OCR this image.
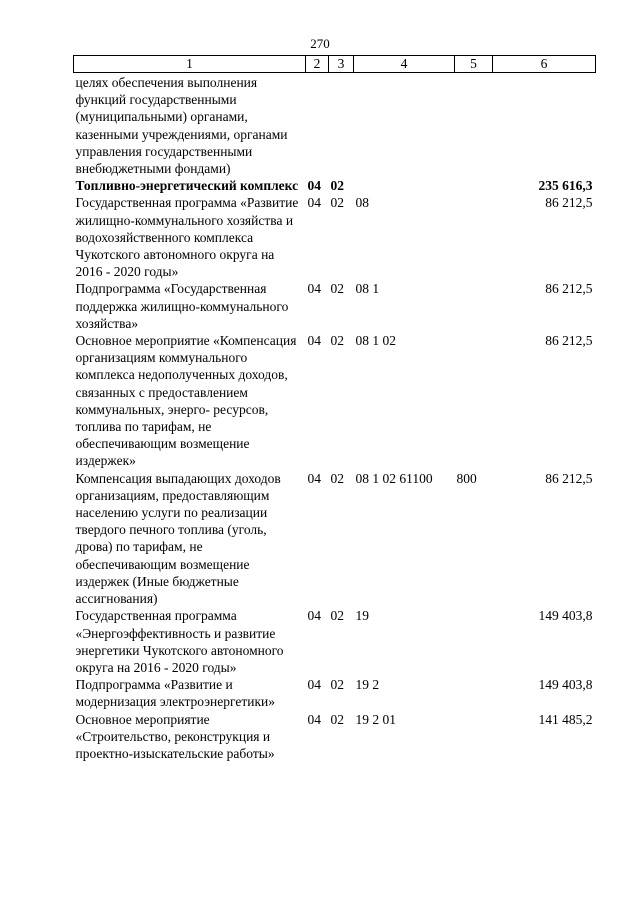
270
1	2	3	4	5	6
целях обеспечения выполнения функций государственными (муниципальными) органами, казенными учреждениями, органами управления государственными внебюджетными фондами)					
Топливно-энергетический комплекс	04	02			235 616,3
Государственная программа «Развитие жилищно-коммунального хозяйства и водохозяйственного комплекса Чукотского автономного округа на 2016 - 2020 годы»	04	02	08		86 212,5
Подпрограмма «Государственная поддержка жилищно-коммунального хозяйства»	04	02	08 1		86 212,5
Основное мероприятие «Компенсация организациям коммунального комплекса недополученных доходов, связанных с предоставлением коммунальных, энерго- ресурсов, топлива по тарифам, не обеспечивающим возмещение издержек»	04	02	08 1 02		86 212,5
Компенсация выпадающих доходов организациям, предоставляющим населению услуги по реализации твердого печного топлива (уголь, дрова) по тарифам, не обеспечивающим возмещение издержек (Иные бюджетные ассигнования)	04	02	08 1 02 61100	800	86 212,5
Государственная программа «Энергоэффективность и развитие энергетики Чукотского автономного округа на 2016 - 2020 годы»	04	02	19		149 403,8
Подпрограмма «Развитие и модернизация электроэнергетики»	04	02	19 2		149 403,8
Основное мероприятие «Строительство, реконструкция и проектно-изыскательские работы»	04	02	19 2 01		141 485,2
